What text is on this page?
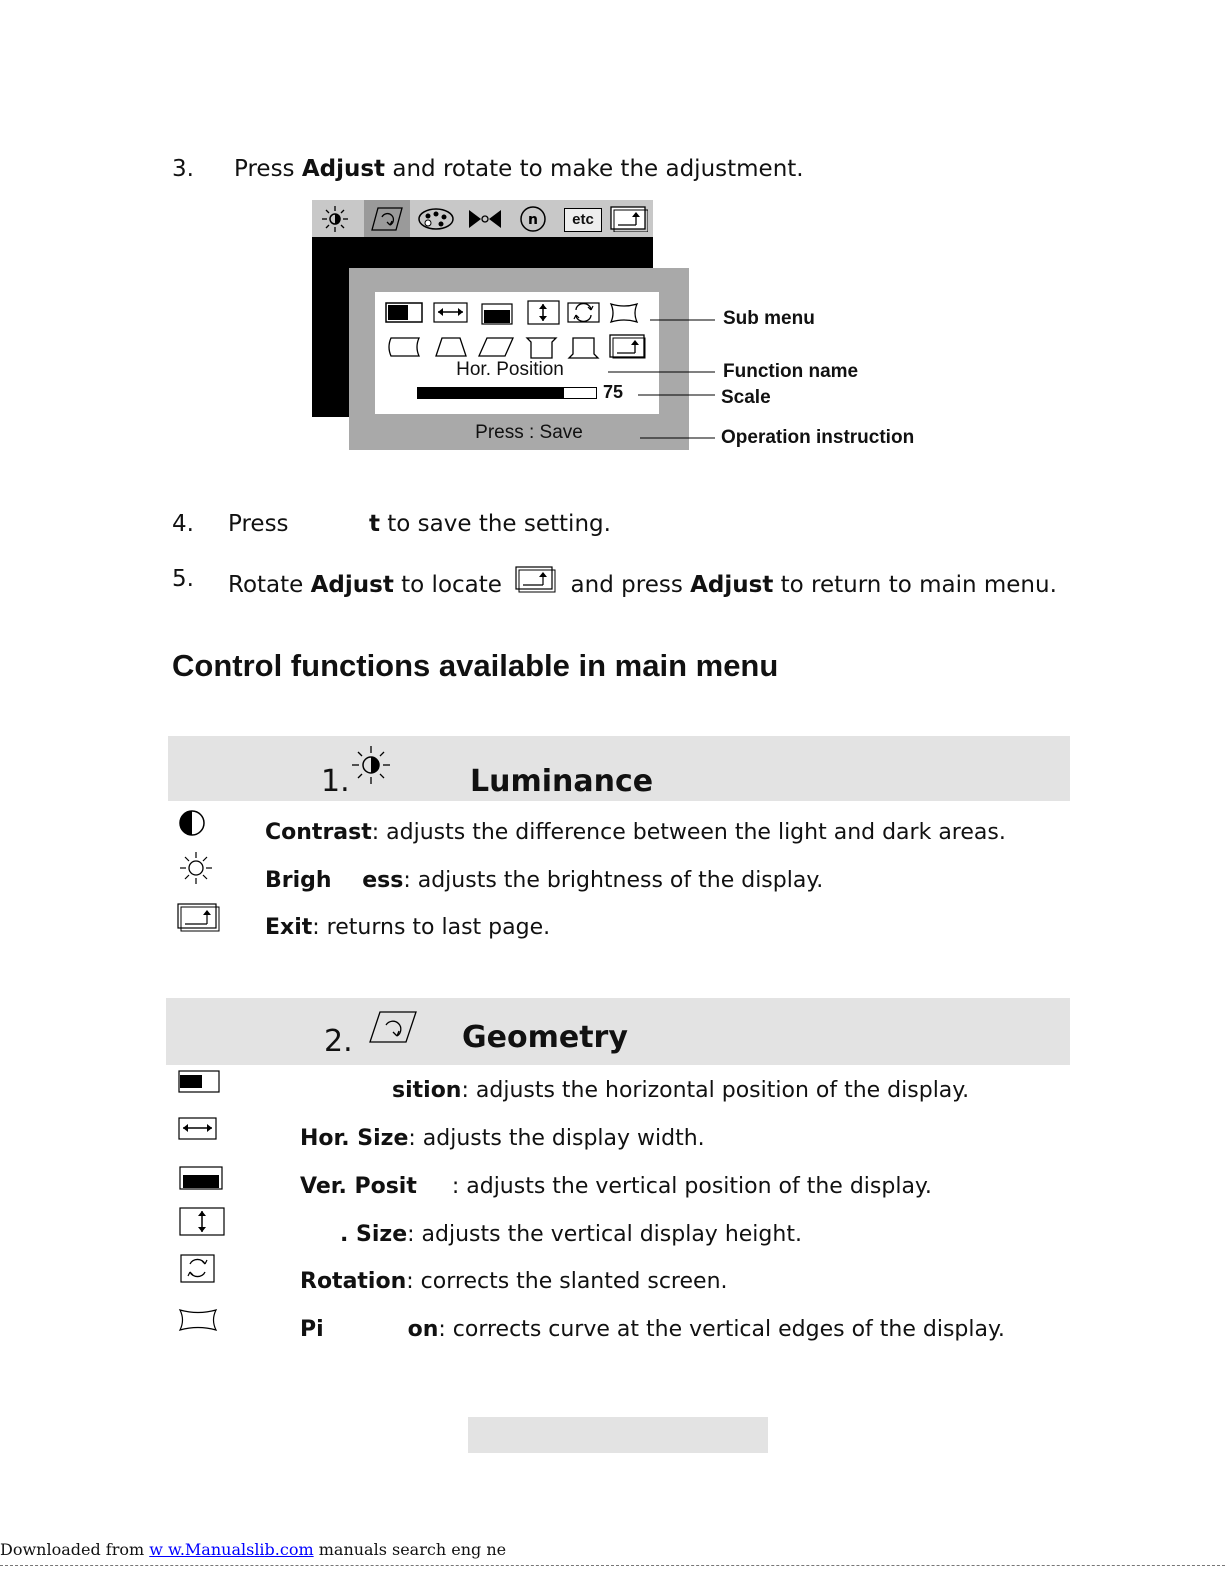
3. Press Adjust and rotate to make the adjustment.
n	etc
Hor. Position
75
Press : Save
Sub menu
Function name
Scale
Operation instruction
4. Press	t to save the setting.
5. Rotate Adjust to locate  and press Adjust to return to main menu.
Control functions available in main menu
1.	Luminance
Contrast: adjusts the difference between the light and dark areas.
Brigh    ess: adjusts the brightness of the display.
Exit: returns to last page.
2.	Geometry
sition: adjusts the horizontal position of the display.
Hor. Size: adjusts the display width.
Ver. Posit     : adjusts the vertical position of the display.
. Size: adjusts the vertical display height.
Rotation: corrects the slanted screen.
Pi	on: corrects curve at the vertical edges of the display.
Downloaded from w w.Manualslib.com manuals search eng ne
